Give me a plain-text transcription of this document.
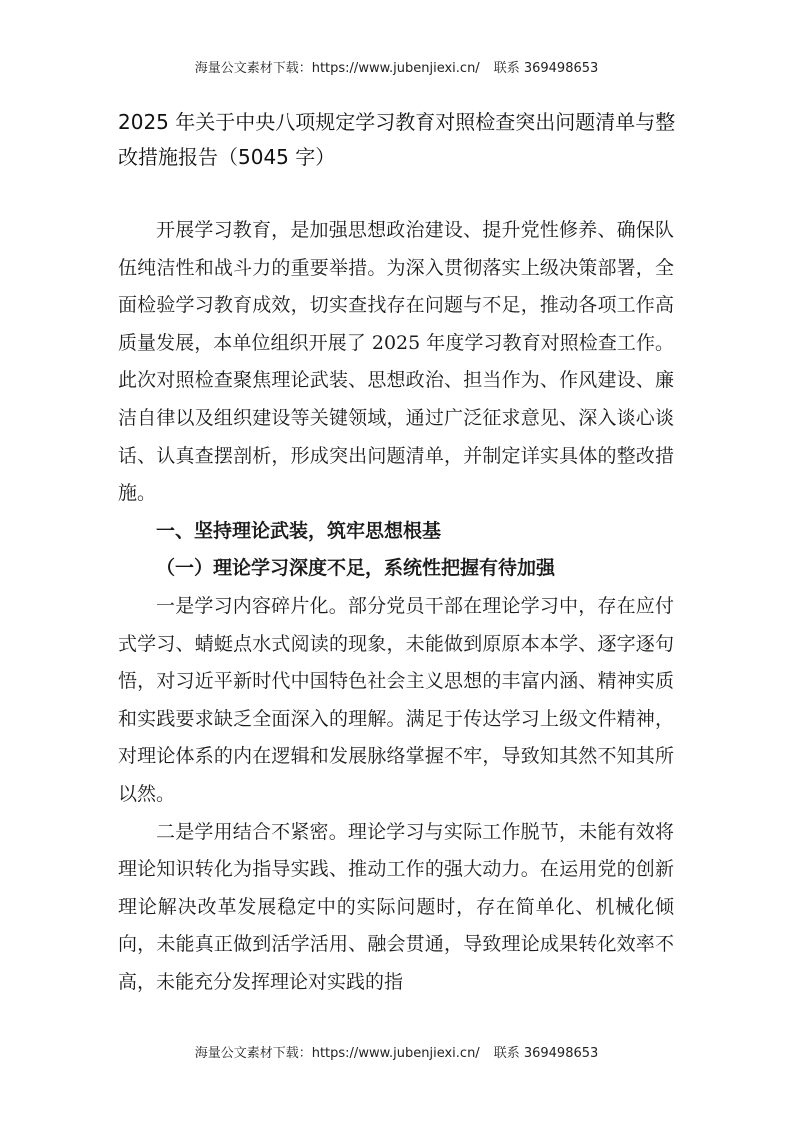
海量公文素材下载：https://www.jubenjiexi.cn/ 联系 369498653
2025 年关于中央八项规定学习教育对照检查突出问题清单与整改措施报告（5045 字）

开展学习教育，是加强思想政治建设、提升党性修养、确保队伍纯洁性和战斗力的重要举措。为深入贯彻落实上级决策部署，全面检验学习教育成效，切实查找存在问题与不足，推动各项工作高质量发展，本单位组织开展了 2025 年度学习教育对照检查工作。此次对照检查聚焦理论武装、思想政治、担当作为、作风建设、廉洁自律以及组织建设等关键领域，通过广泛征求意见、深入谈心谈话、认真查摆剖析，形成突出问题清单，并制定详实具体的整改措施。

一、坚持理论武装，筑牢思想根基
（一）理论学习深度不足，系统性把握有待加强

一是学习内容碎片化。部分党员干部在理论学习中，存在应付式学习、蜻蜓点水式阅读的现象，未能做到原原本本学、逐字逐句悟，对习近平新时代中国特色社会主义思想的丰富内涵、精神实质和实践要求缺乏全面深入的理解。满足于传达学习上级文件精神，对理论体系的内在逻辑和发展脉络掌握不牢，导致知其然不知其所以然。

二是学用结合不紧密。理论学习与实际工作脱节，未能有效将理论知识转化为指导实践、推动工作的强大动力。在运用党的创新理论解决改革发展稳定中的实际问题时，存在简单化、机械化倾向，未能真正做到活学活用、融会贯通，导致理论成果转化效率不高，未能充分发挥理论对实践的指

海量公文素材下载：https://www.jubenjiexi.cn/ 联系 369498653
